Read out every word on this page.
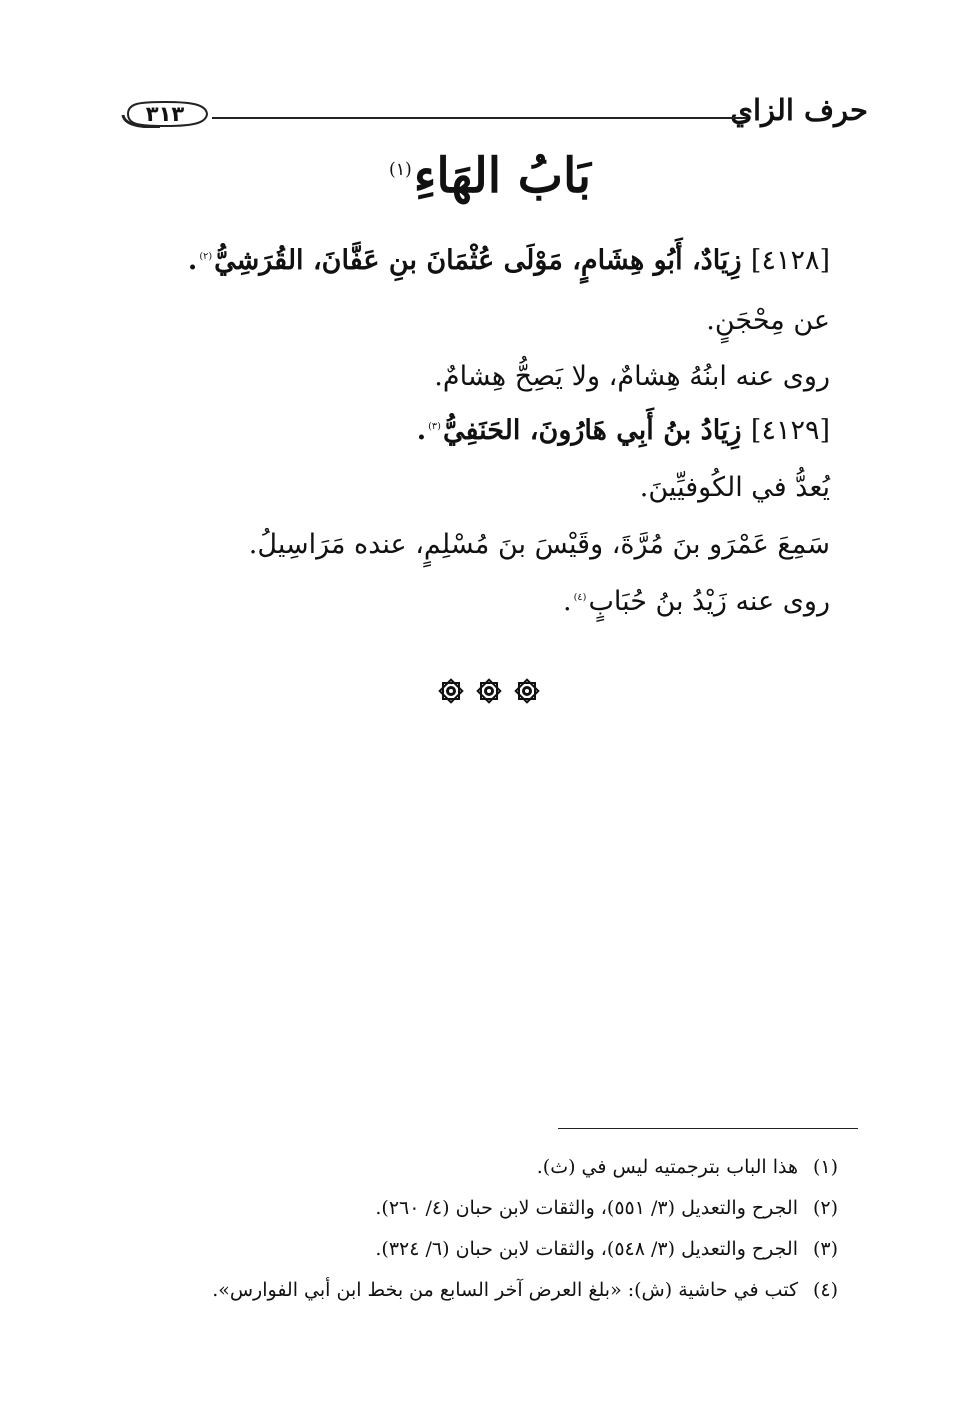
حرف الزاي
٣١٣
بَابُ الهَاءِ$^{(١)}$
[٤١٢٨] زِيَادٌ، أَبُو هِشَامٍ، مَوْلَى عُثْمَانَ بنِ عَفَّانَ، القُرَشِيُّ$^{(٢)}$.
عن مِحْجَنٍ.
روى عنه ابنُهُ هِشامٌ، ولا يَصِحُّ هِشامٌ.
[٤١٢٩] زِيَادُ بنُ أَبِي هَارُونَ، الحَنَفِيُّ$^{(٣)}$.
يُعدُّ في الكُوفيِّينَ.
سَمِعَ عَمْرَو بنَ مُرَّةَ، وقَيْسَ بنَ مُسْلِمٍ، عنده مَرَاسِيلُ.
روى عنه زَيْدُ بنُ حُبَابٍ$^{(٤)}$.
(١)هذا الباب بترجمتيه ليس في (ث).
(٢)الجرح والتعديل (٣/ ٥٥١)، والثقات لابن حبان (٤/ ٢٦٠).
(٣)الجرح والتعديل (٣/ ٥٤٨)، والثقات لابن حبان (٦/ ٣٢٤).
(٤)كتب في حاشية (ش): «بلغ العرض آخر السابع من بخط ابن أبي الفوارس».
